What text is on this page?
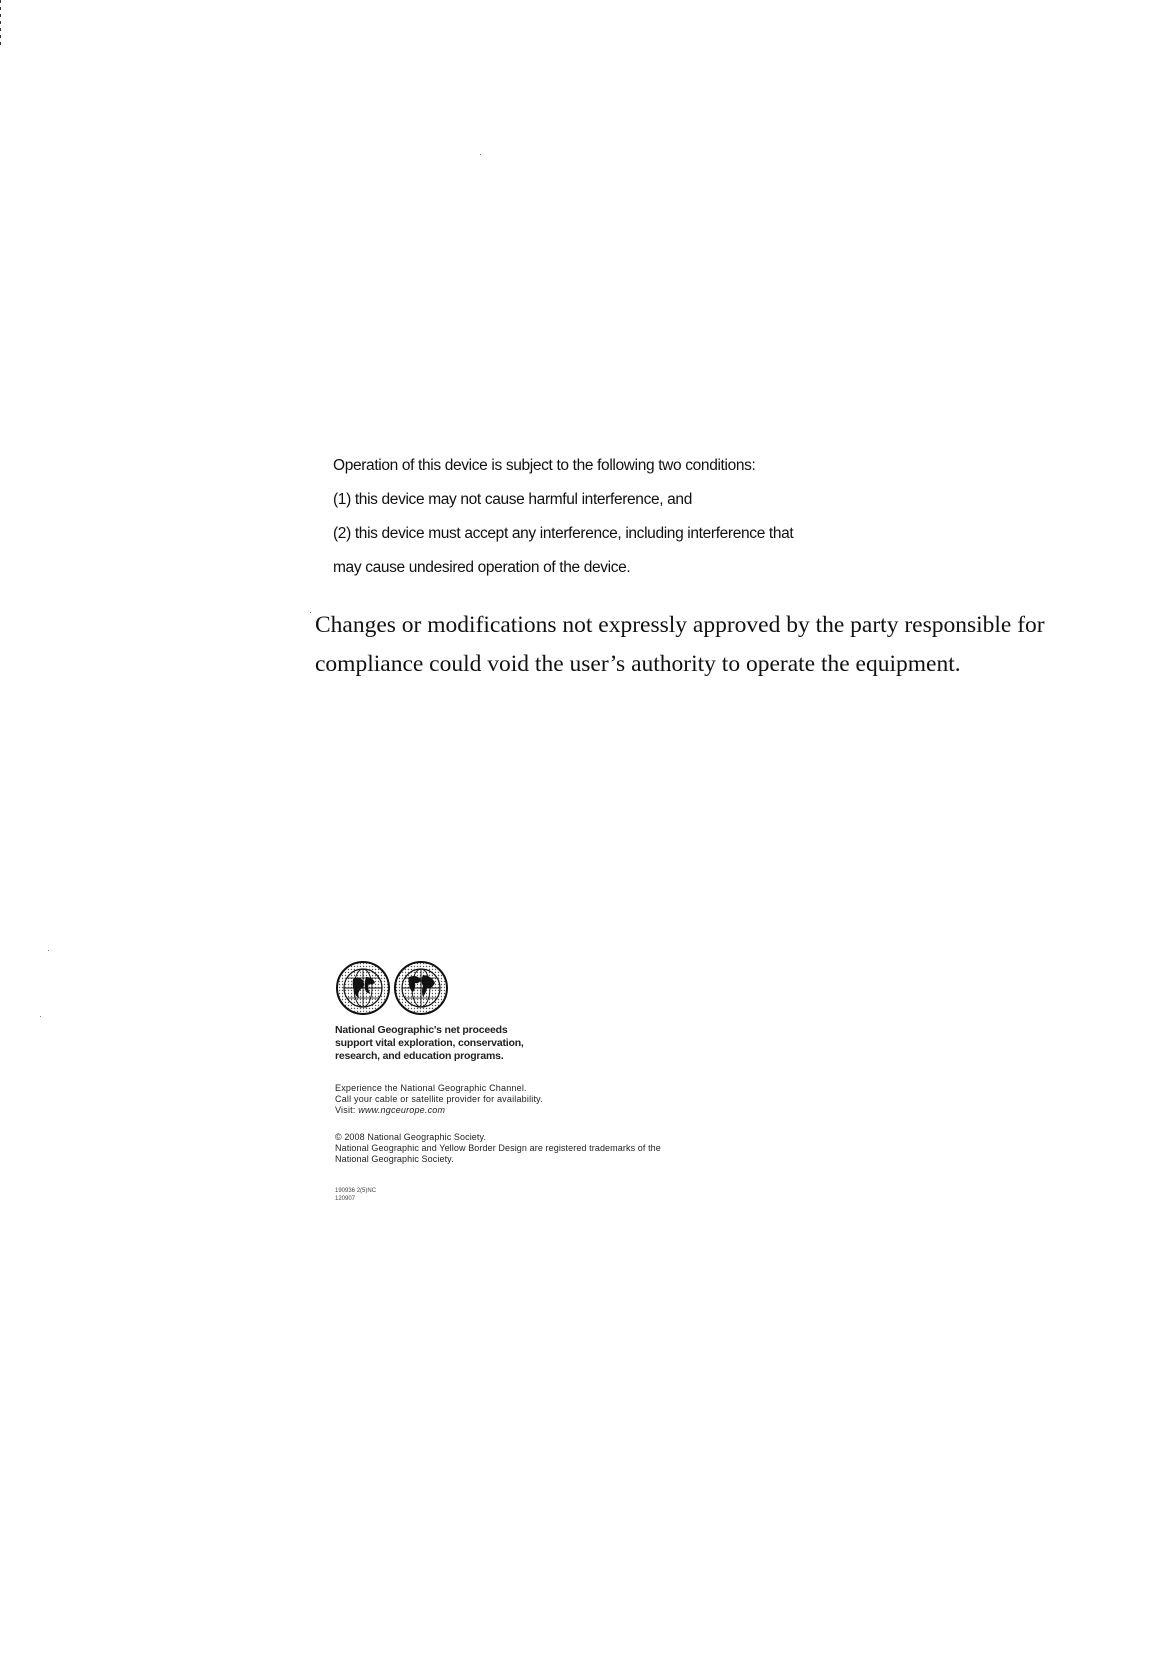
Operation of this device is subject to the following two conditions:
(1) this device may not cause harmful interference, and
(2) this device must accept any interference, including interference that
may cause undesired operation of the device.
Changes or modifications not expressly approved by the party responsible for
compliance could void the user’s authority to operate the equipment.

National Geographic's net proceeds
support vital exploration, conservation,
research, and education programs.

Experience the National Geographic Channel.
Call your cable or satellite provider for availability.
Visit: www.ngceurope.com
© 2008 National Geographic Society.
National Geographic and Yellow Border Design are registered trademarks of the
National Geographic Society.
190936 2(5)NC
120907
